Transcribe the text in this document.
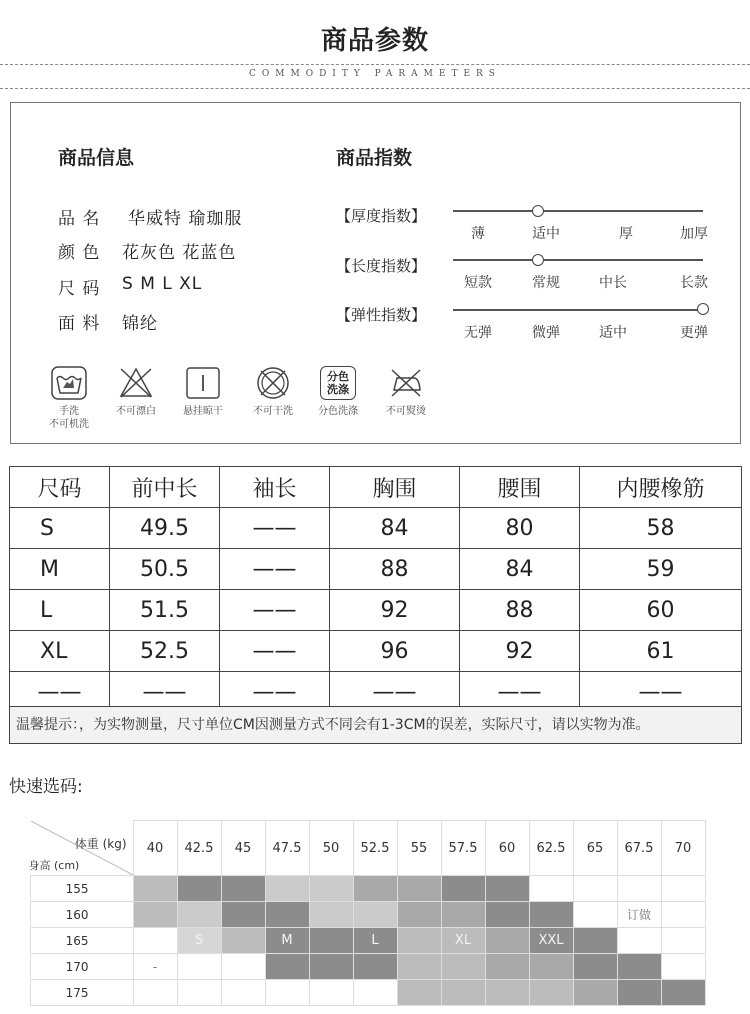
商品参数
COMMODITY PARAMETERS
商品信息
品 名 华威特 瑜珈服
颜 色 花灰色 花蓝色
尺 码 S M L XL
面 料 锦纶
商品指数
【厚度指数】
薄	适中	厚	加厚
【长度指数】
短款	常规	中长	长款
【弹性指数】
无弹	微弹	适中	更弹
手洗
不可机洗
不可漂白	悬挂晾干	不可干洗
分色
洗涤
分色洗涤	不可熨烫
尺码	前中长	袖长	胸围	腰围	内腰橡筋
S	49.5	——	84	80	58
M	50.5	——	88	84	59
L	51.5	——	92	88	60
XL	52.5	——	96	92	61
——	——	——	——	——	——
温馨提示：，为实物测量，尺寸单位CM因测量方式不同会有1-3CM的误差，实际尺寸，请以实物为准。
快速选码:
体重 (kg)
身高 (cm)	40	42.5	45	47.5	50	52.5	55	57.5	60	62.5	65	67.5	70
155													
160												订做	
165		S		M		L		XL		XXL			
170	-												
175													
